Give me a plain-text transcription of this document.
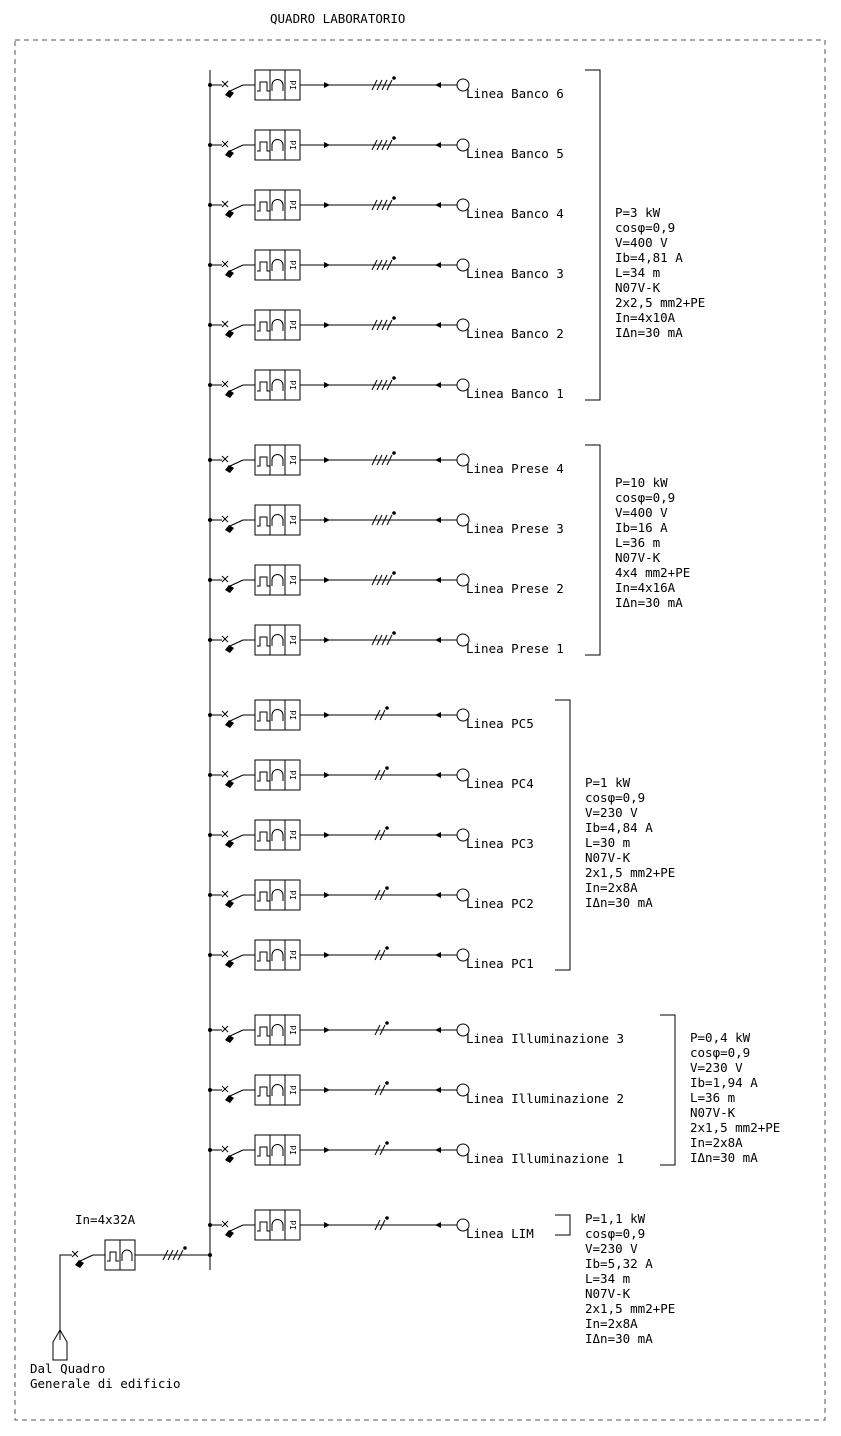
QUADRO LABORATORIO
Id
Linea Banco 6
Id
Linea Banco 5
Id
Linea Banco 4
Id
Linea Banco 3
Id
Linea Banco 2
Id
Linea Banco 1
P=3 kW
cosφ=0,9
V=400 V
Ib=4,81 A
L=34 m
N07V-K
2x2,5 mm2+PE
In=4x10A
IΔn=30 mA
Id
Linea Prese 4
Id
Linea Prese 3
Id
Linea Prese 2
Id
Linea Prese 1
P=10 kW
cosφ=0,9
V=400 V
Ib=16 A
L=36 m
N07V-K
4x4 mm2+PE
In=4x16A
IΔn=30 mA
Id
Linea PC5
Id
Linea PC4
Id
Linea PC3
Id
Linea PC2
Id
Linea PC1
P=1 kW
cosφ=0,9
V=230 V
Ib=4,84 A
L=30 m
N07V-K
2x1,5 mm2+PE
In=2x8A
IΔn=30 mA
Id
Linea Illuminazione 3
Id
Linea Illuminazione 2
Id
Linea Illuminazione 1
P=0,4 kW
cosφ=0,9
V=230 V
Ib=1,94 A
L=36 m
N07V-K
2x1,5 mm2+PE
In=2x8A
IΔn=30 mA
Id
Linea LIM
P=1,1 kW
cosφ=0,9
V=230 V
Ib=5,32 A
L=34 m
N07V-K
2x1,5 mm2+PE
In=2x8A
IΔn=30 mA
In=4x32A
Dal Quadro
Generale di edificio
